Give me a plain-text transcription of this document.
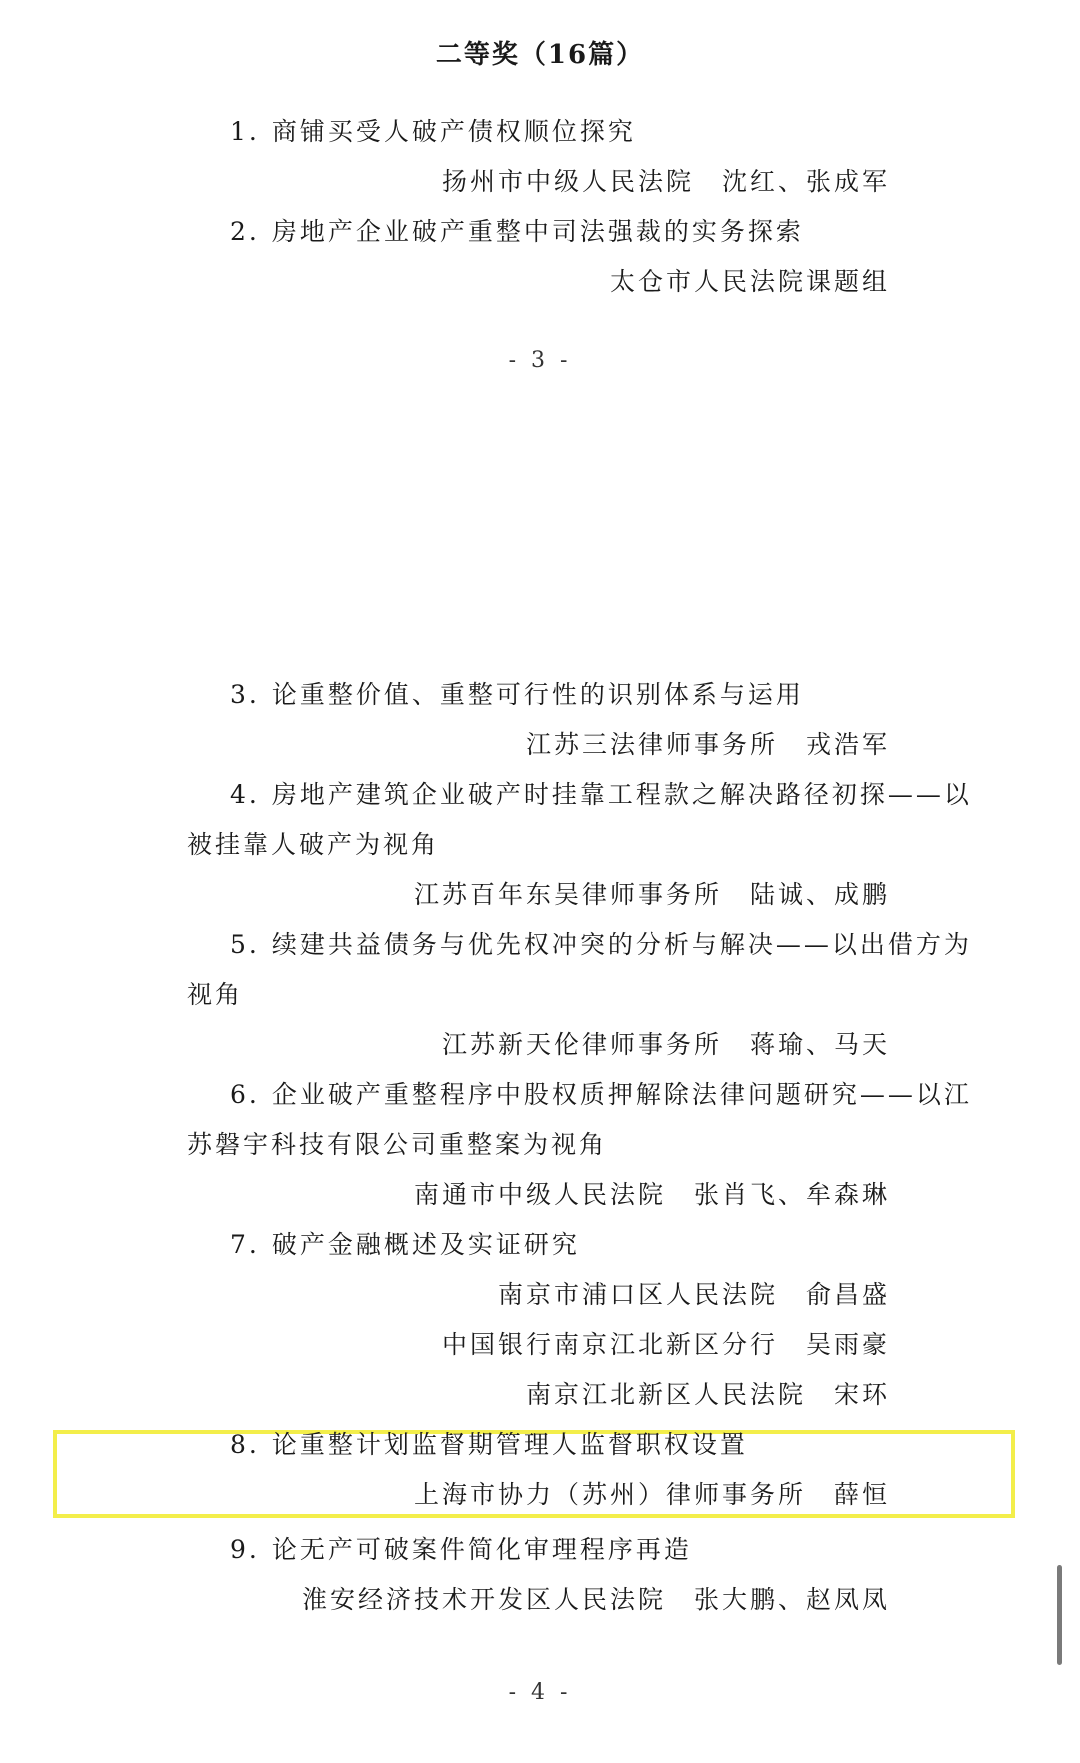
二等奖（16篇）
1. 商铺买受人破产债权顺位探究
扬州市中级人民法院　沈红、张成军
2. 房地产企业破产重整中司法强裁的实务探索
太仓市人民法院课题组
- 3 -
3. 论重整价值、重整可行性的识别体系与运用
江苏三法律师事务所　戎浩军
4. 房地产建筑企业破产时挂靠工程款之解决路径初探——以
被挂靠人破产为视角
江苏百年东吴律师事务所　陆诚、成鹏
5. 续建共益债务与优先权冲突的分析与解决——以出借方为
视角
江苏新天伦律师事务所　蒋瑜、马天
6. 企业破产重整程序中股权质押解除法律问题研究——以江
苏磐宇科技有限公司重整案为视角
南通市中级人民法院　张肖飞、牟森琳
7. 破产金融概述及实证研究
南京市浦口区人民法院　俞昌盛
中国银行南京江北新区分行　吴雨豪
南京江北新区人民法院　宋环
8. 论重整计划监督期管理人监督职权设置
上海市协力（苏州）律师事务所　薛恒
9. 论无产可破案件简化审理程序再造
淮安经济技术开发区人民法院　张大鹏、赵凤凤
- 4 -
